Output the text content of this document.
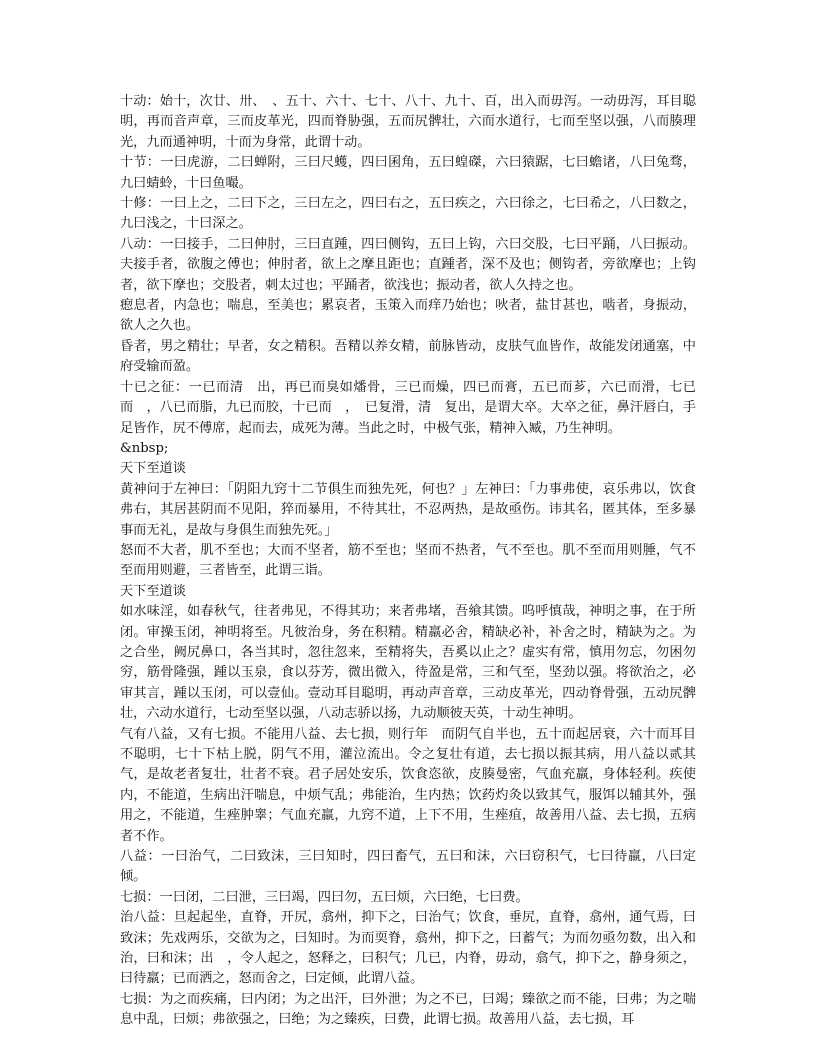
十动：始十，次廿、卅、　、五十、六十、七十、八十、九十、百，出入而毋泻。一动毋泻，耳目聪明，再而音声章，三而皮革光，四而脊胁强，五而尻髀壮，六而水道行，七而至坚以强，八而腠理光，九而通神明，十而为身常，此谓十动。

十节：一曰虎游，二曰蝉附，三曰尺蠖，四曰囷角，五曰蝗磔，六曰猿踞，七曰蟾诸，八曰兔骛，九曰蜻蛉，十曰鱼嘬。

十修：一曰上之，二曰下之，三曰左之，四曰右之，五曰疾之，六曰徐之，七曰希之，八曰数之，九曰浅之，十曰深之。

八动：一曰接手，二曰伸肘，三曰直踵，四曰侧钩，五曰上钩，六曰交股，七曰平踊，八曰振动。夫接手者，欲腹之傅也；伸肘者，欲上之摩且距也；直踵者，深不及也；侧钩者，旁欲摩也；上钩者，欲下摩也；交股者，刺太过也；平踊者，欲浅也；振动者，欲人久持之也。

瘛息者，内急也；喘息，至美也；累哀者，玉策入而痒乃始也；吙者，盐甘甚也，啮者，身振动，欲人之久也。

昏者，男之精壮；早者，女之精积。吾精以养女精，前脉皆动，皮肤气血皆作，故能发闭通塞，中府受输而盈。

十已之征：一已而清　出，再已而臭如燔骨，三已而燥，四已而膏，五已而芗，六已而滑，七已而　，八已而脂，九已而胶，十已而　，　已复滑，清　复出，是谓大卒。大卒之征，鼻汗唇白，手足皆作，尻不傅席，起而去，成死为薄。当此之时，中极气张，精神入臧，乃生神明。

&nbsp;

天下至道谈

黄神问于左神曰：「阴阳九窍十二节俱生而独先死，何也？」左神曰：「力事弗使，哀乐弗以，饮食弗右，其居甚阴而不见阳，猝而暴用，不待其壮，不忍两热，是故亟伤。讳其名，匿其体，至多暴事而无礼，是故与身俱生而独先死。」

怒而不大者，肌不至也；大而不坚者，筋不至也；坚而不热者，气不至也。肌不至而用则腄，气不至而用则避，三者皆至，此谓三诣。

天下至道谈

如水味淫，如春秋气，往者弗见，不得其功；来者弗堵，吾飨其馈。呜呼慎哉，神明之事，在于所闭。审操玉闭，神明将至。凡彼治身，务在积精。精羸必舍，精缺必补，补舍之时，精缺为之。为之合坐，阙尻鼻口，各当其时，忽往忽来，至精将失，吾奚以止之？虚实有常，慎用勿忘，勿困勿穷，筋骨隆强，踵以玉泉，食以芬芳，微出微入，待盈是常，三和气至，坚劲以强。将欲治之，必审其言，踵以玉闭，可以壹仙。壹动耳目聪明，再动声音章，三动皮革光，四动脊骨强，五动尻髀壮，六动水道行，七动至坚以强，八动志骄以扬，九动顺彼天英，十动生神明。

气有八益，又有七损。不能用八益、去七损，则行年　而阴气自半也，五十而起居衰，六十而耳目不聪明，七十下枯上脱，阴气不用，灌泣流出。令之复壮有道，去七损以振其病，用八益以贰其气，是故老者复壮，壮者不衰。君子居处安乐，饮食恣欲，皮腠曼密，气血充羸，身体轻利。疾使内，不能道，生病出汗喘息，中烦气乱；弗能治，生内热；饮药灼灸以致其气，服饵以辅其外，强用之，不能道，生痤肿睾；气血充羸，九窍不道，上下不用，生痤疽，故善用八益、去七损，五病者不作。

八益：一曰治气，二曰致沫，三曰知时，四曰畜气，五曰和沫，六曰窃积气，七曰待羸，八曰定倾。

七损：一曰闭，二曰泄，三曰竭，四曰勿，五曰烦，六曰绝，七曰费。

治八益：旦起起坐，直脊，开尻，翕州，抑下之，曰治气；饮食，垂尻，直脊，翕州，通气焉，曰致沫；先戏两乐，交欲为之，曰知时。为而耎脊，翕州，抑下之，曰蓄气；为而勿亟勿数，出入和治，曰和沫；出　，令人起之，怒释之，曰积气；几已，内脊，毋动，翕气，抑下之，静身须之，曰待羸；已而洒之，怒而舍之，曰定倾，此谓八益。

七损：为之而疾痛，曰内闭；为之出汗，曰外泄；为之不已，曰竭；臻欲之而不能，曰弗；为之喘息中乱，曰烦；弗欲强之，曰绝；为之臻疾，曰费，此谓七损。故善用八益，去七损，耳
